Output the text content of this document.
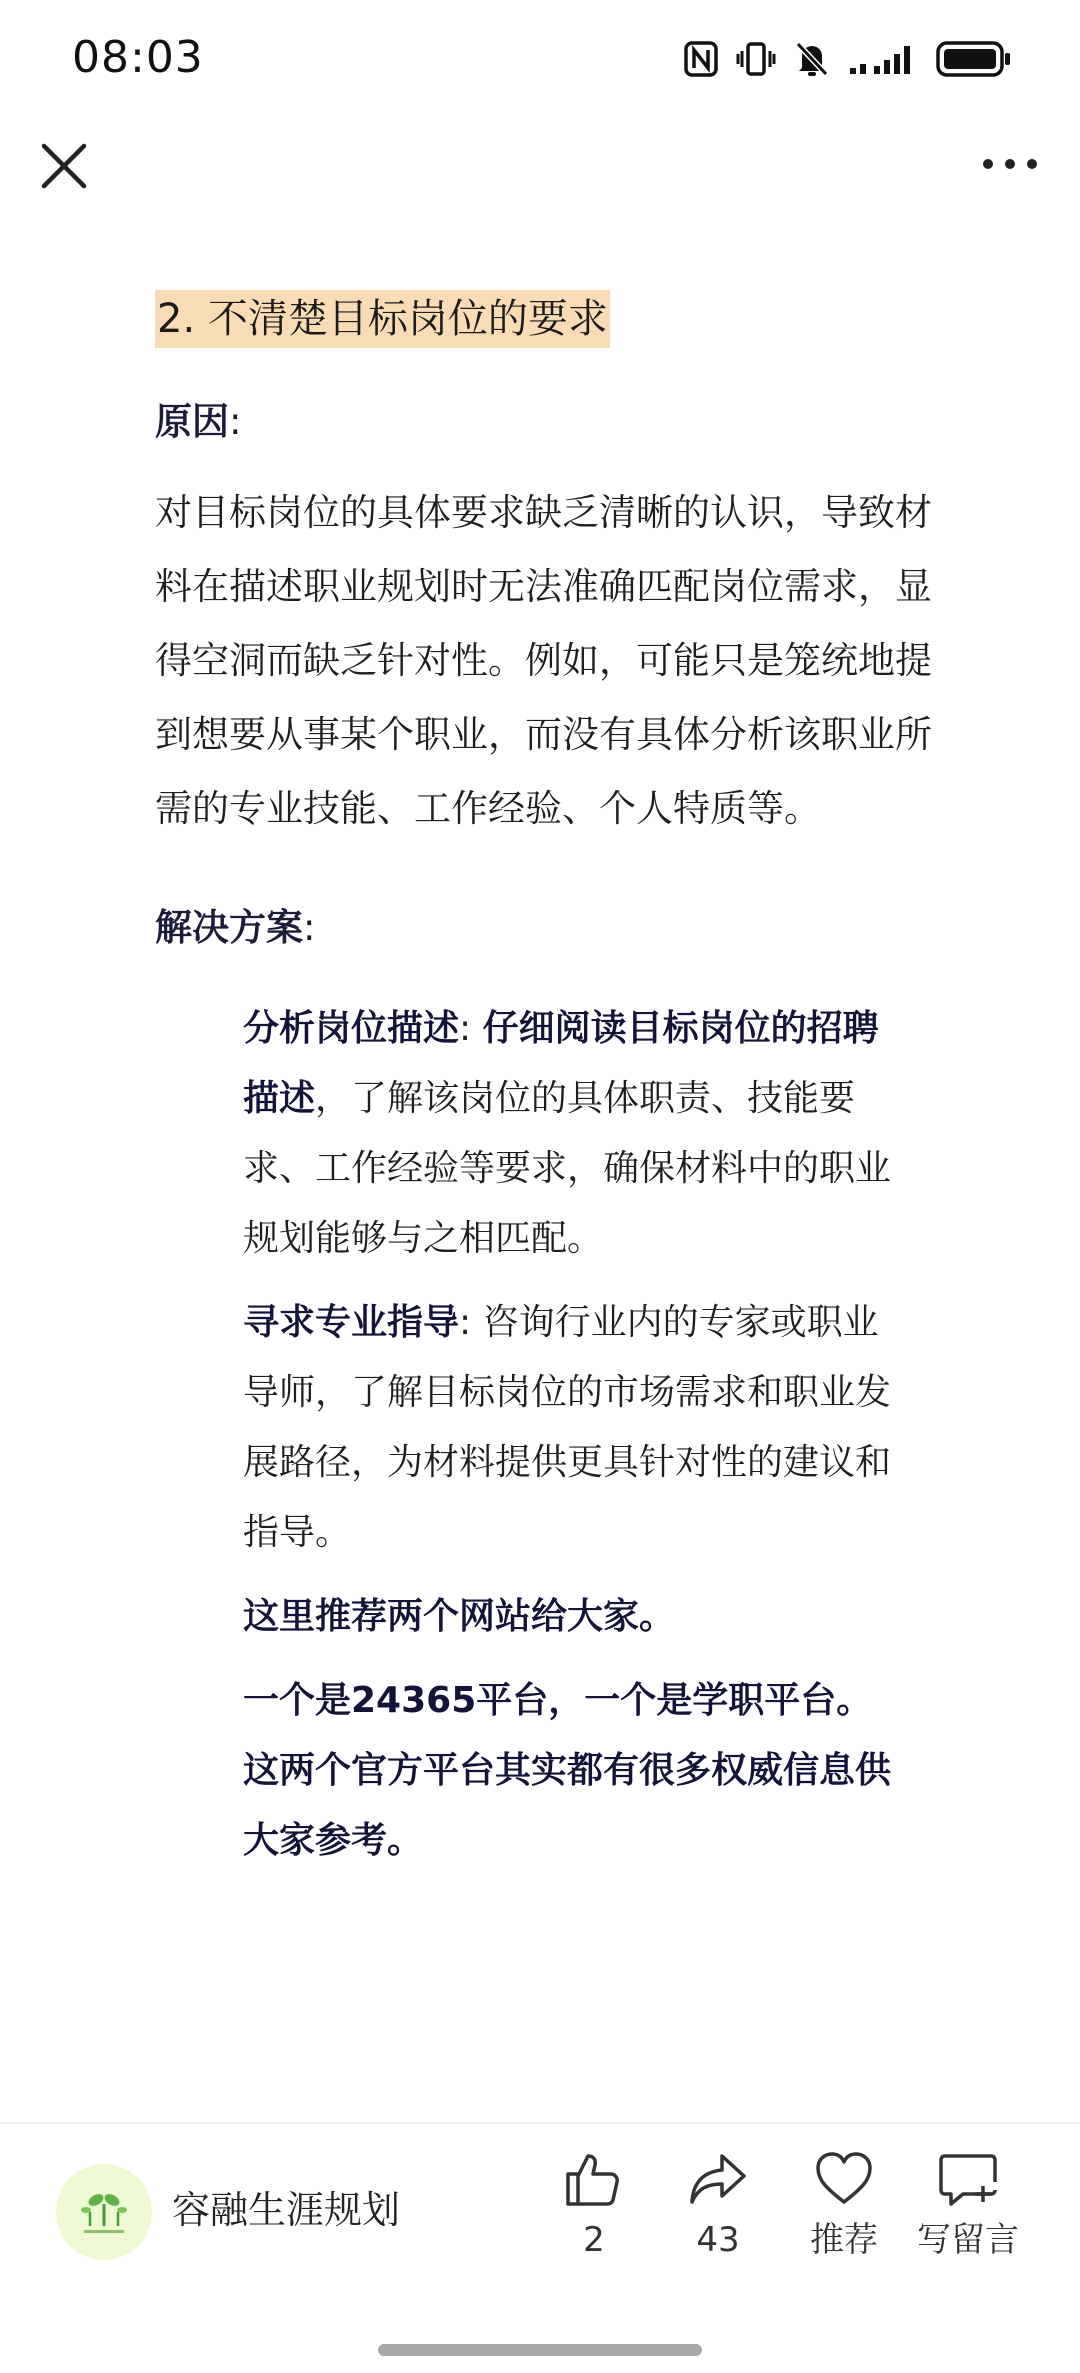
08:03
2. 不清楚目标岗位的要求
原因:

对目标岗位的具体要求缺乏清晰的认识，导致材料在描述职业规划时无法准确匹配岗位需求，显得空洞而缺乏针对性。例如，可能只是笼统地提到想要从事某个职业，而没有具体分析该职业所需的专业技能、工作经验、个人特质等。

解决方案:

分析岗位描述: 仔细阅读目标岗位的招聘描述，了解该岗位的具体职责、技能要求、工作经验等要求，确保材料中的职业规划能够与之相匹配。

寻求专业指导: 咨询行业内的专家或职业导师，了解目标岗位的市场需求和职业发展路径，为材料提供更具针对性的建议和指导。

这里推荐两个网站给大家。

一个是24365平台，一个是学职平台。这两个官方平台其实都有很多权威信息供大家参考。

容融生涯规划
2	43	推荐	写留言
